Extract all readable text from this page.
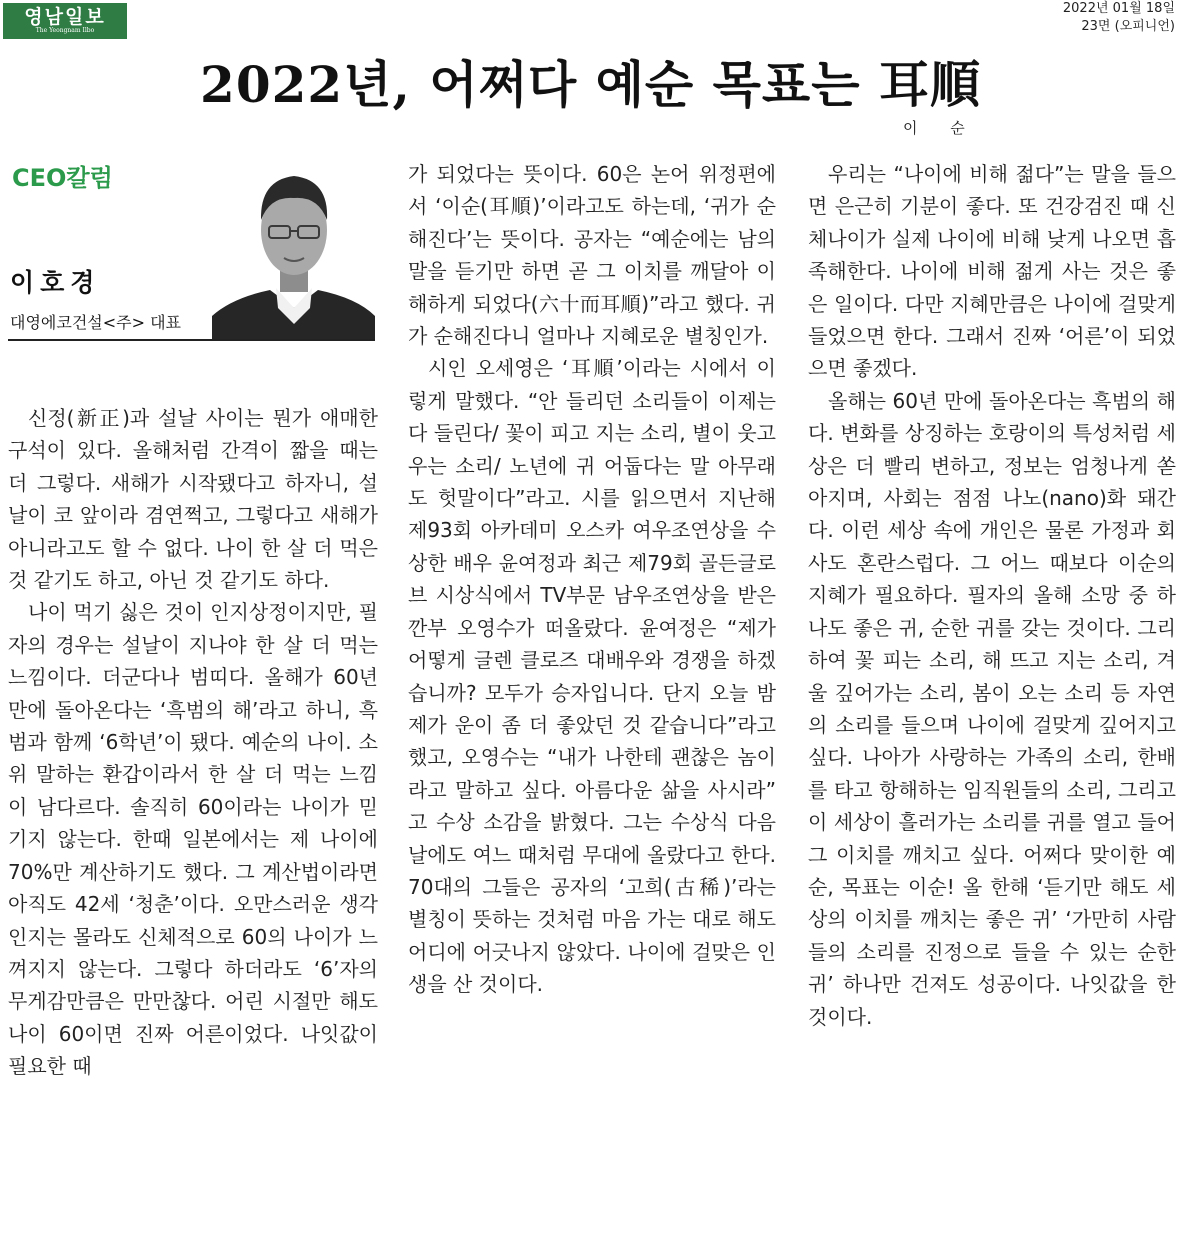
영남일보
The Yeongnam Ilbo
2022년 01월 18일
23면 (오피니언)
2022년, 어쩌다 예순 목표는 耳順
이 순
CEO칼럼
이호경
대영에코건설<주> 대표

신정(新正)과 설날 사이는 뭔가 애매한 구석이 있다. 올해처럼 간격이 짧을 때는 더 그렇다. 새해가 시작됐다고 하자니, 설날이 코 앞이라 겸연쩍고, 그렇다고 새해가 아니라고도 할 수 없다. 나이 한 살 더 먹은 것 같기도 하고, 아닌 것 같기도 하다.

나이 먹기 싫은 것이 인지상정이지만, 필자의 경우는 설날이 지나야 한 살 더 먹는 느낌이다. 더군다나 범띠다. 올해가 60년 만에 돌아온다는 ‘흑범의 해’라고 하니, 흑범과 함께 ‘6학년’이 됐다. 예순의 나이. 소위 말하는 환갑이라서 한 살 더 먹는 느낌이 남다르다. 솔직히 60이라는 나이가 믿기지 않는다. 한때 일본에서는 제 나이에 70%만 계산하기도 했다. 그 계산법이라면 아직도 42세 ‘청춘’이다. 오만스러운 생각인지는 몰라도 신체적으로 60의 나이가 느껴지지 않는다. 그렇다 하더라도 ‘6’자의 무게감만큼은 만만찮다. 어린 시절만 해도 나이 60이면 진짜 어른이었다. 나잇값이 필요한 때

가 되었다는 뜻이다. 60은 논어 위정편에서 ‘이순(耳順)’이라고도 하는데, ‘귀가 순해진다’는 뜻이다. 공자는 “예순에는 남의 말을 듣기만 하면 곧 그 이치를 깨달아 이해하게 되었다(六十而耳順)”라고 했다. 귀가 순해진다니 얼마나 지혜로운 별칭인가.

시인 오세영은 ‘耳順’이라는 시에서 이렇게 말했다. “안 들리던 소리들이 이제는 다 들린다/ 꽃이 피고 지는 소리, 별이 웃고 우는 소리/ 노년에 귀 어둡다는 말 아무래도 헛말이다”라고. 시를 읽으면서 지난해 제93회 아카데미 오스카 여우조연상을 수상한 배우 윤여정과 최근 제79회 골든글로브 시상식에서 TV부문 남우조연상을 받은 깐부 오영수가 떠올랐다. 윤여정은 “제가 어떻게 글렌 클로즈 대배우와 경쟁을 하겠습니까? 모두가 승자입니다. 단지 오늘 밤 제가 운이 좀 더 좋았던 것 같습니다”라고 했고, 오영수는 “내가 나한테 괜찮은 놈이라고 말하고 싶다. 아름다운 삶을 사시라” 고 수상 소감을 밝혔다. 그는 수상식 다음 날에도 여느 때처럼 무대에 올랐다고 한다. 70대의 그들은 공자의 ‘고희(古稀)’라는 별칭이 뜻하는 것처럼 마음 가는 대로 해도 어디에 어긋나지 않았다. 나이에 걸맞은 인생을 산 것이다.

우리는 “나이에 비해 젊다”는 말을 들으면 은근히 기분이 좋다. 또 건강검진 때 신체나이가 실제 나이에 비해 낮게 나오면 흡족해한다. 나이에 비해 젊게 사는 것은 좋은 일이다. 다만 지혜만큼은 나이에 걸맞게 들었으면 한다. 그래서 진짜 ‘어른’이 되었으면 좋겠다.

올해는 60년 만에 돌아온다는 흑범의 해다. 변화를 상징하는 호랑이의 특성처럼 세상은 더 빨리 변하고, 정보는 엄청나게 쏟아지며, 사회는 점점 나노(nano)화 돼간다. 이런 세상 속에 개인은 물론 가정과 회사도 혼란스럽다. 그 어느 때보다 이순의 지혜가 필요하다. 필자의 올해 소망 중 하나도 좋은 귀, 순한 귀를 갖는 것이다. 그리하여 꽃 피는 소리, 해 뜨고 지는 소리, 겨울 깊어가는 소리, 봄이 오는 소리 등 자연의 소리를 들으며 나이에 걸맞게 깊어지고 싶다. 나아가 사랑하는 가족의 소리, 한배를 타고 항해하는 임직원들의 소리, 그리고 이 세상이 흘러가는 소리를 귀를 열고 들어 그 이치를 깨치고 싶다. 어쩌다 맞이한 예순, 목표는 이순! 올 한해 ‘듣기만 해도 세상의 이치를 깨치는 좋은 귀’ ‘가만히 사람들의 소리를 진정으로 들을 수 있는 순한 귀’ 하나만 건져도 성공이다. 나잇값을 한 것이다.
